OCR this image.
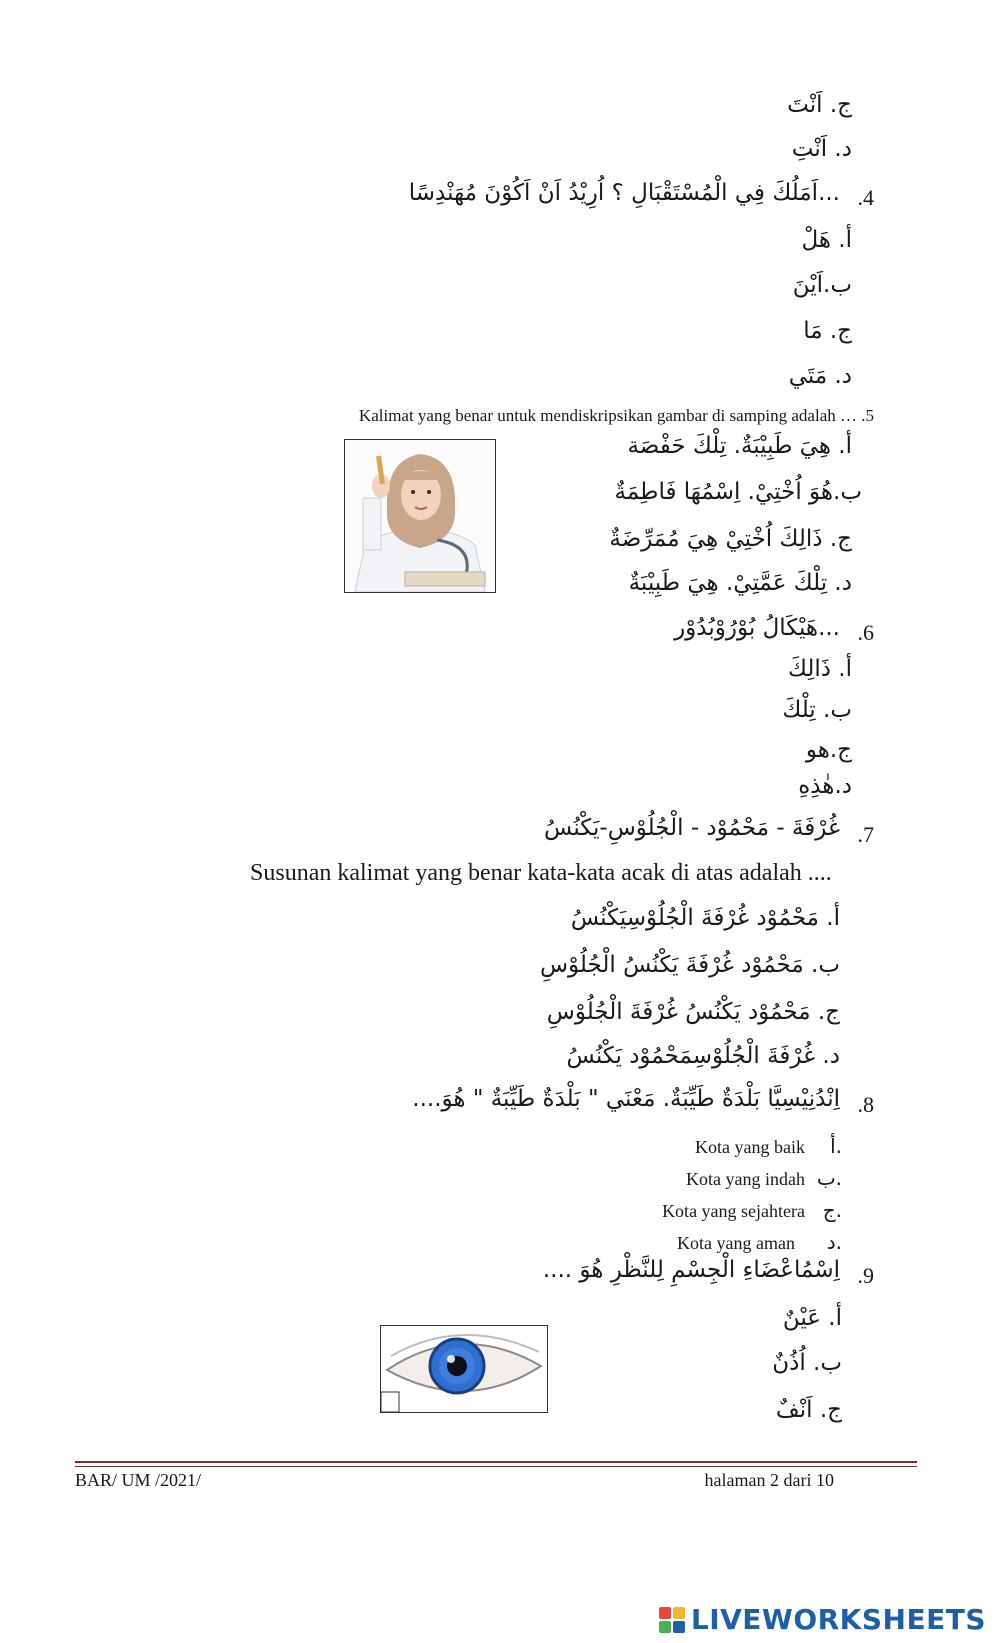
ج. اَنْتَ
د. اَنْتِ
.4
...اَمَلُكَ فِي الْمُسْتَقْبَالِ ؟ اُرِيْدُ اَنْ اَكُوْنَ مُهَنْدِسًا
أ. هَلْ
ب.اَيْنَ
ج. مَا
د. مَتَي
Kalimat yang benar untuk mendiskripsikan gambar di samping adalah … .5
أ. هِيَ طَبِيْبَةٌ. تِلْكَ حَفْصَة
ب.هُوَ اُخْتِيْ. اِسْمُهَا فَاطِمَةٌ
ج. ذَالِكَ اُخْتِيْ هِيَ مُمَرِّضَةٌ
د. تِلْكَ عَمَّتِيْ. هِيَ طَبِيْبَةٌ
.6
...هَيْكَالُ بُوْرُوْبُدُوْر
أ. ذَالِكَ
ب. تِلْكَ
ج.هو
د.هٰذِهِ
.7
غُرْفَةَ - مَحْمُوْد - الْجُلُوْسِ-يَكْنُسُ
Susunan kalimat yang benar kata-kata acak di atas adalah ....
أ. مَحْمُوْد غُرْفَةَ الْجُلُوْسِيَكْنُسُ
ب. مَحْمُوْد غُرْفَةَ يَكْنُسُ الْجُلُوْسِ
ج. مَحْمُوْد يَكْنُسُ غُرْفَةَ الْجُلُوْسِ
د. غُرْفَةَ الْجُلُوْسِمَحْمُوْد يَكْنُسُ
.8
اِنْدُنِيْسِيَّا بَلْدَةٌ طَيِّبَةٌ. مَعْنَي " بَلْدَةٌ طَيِّبَةٌ " هُوَ....
.أ
Kota yang baik
.ب
Kota yang indah
.ج
Kota yang sejahtera
.د
Kota yang aman
.9
اِسْمُاعْضَاءِ الْجِسْمِ لِلنَّظْرِ هُوَ ....
أ. عَيْنٌ
ب. اُذُنٌ
ج. اَنْفٌ
BAR/ UM /2021/	halaman 2 dari 10
LIVEWORKSHEETS
